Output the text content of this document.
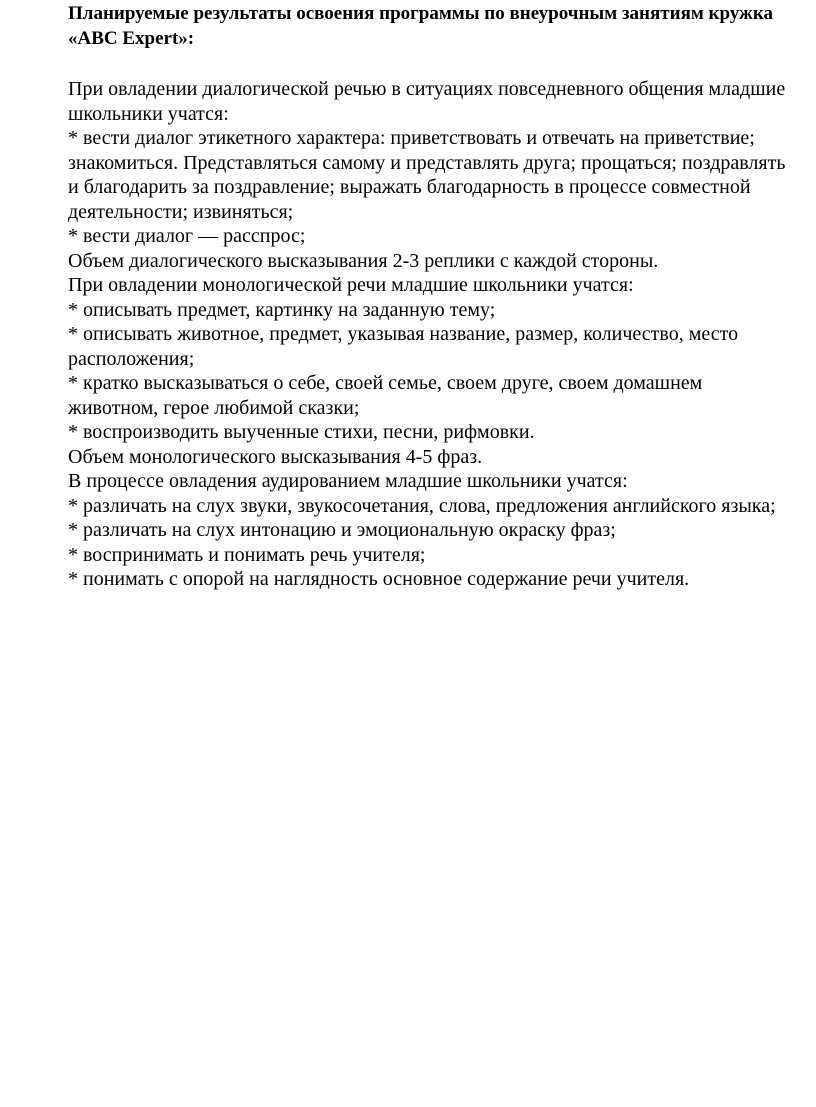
Планируемые результаты освоения программы по внеурочным занятиям кружка «ABC Expert»:

При овладении диалогической речью в ситуациях повседневного общения младшие школьники учатся:

* вести диалог этикетного характера: приветствовать и отвечать на приветствие; знакомиться. Представляться самому и представлять друга; прощаться; поздравлять и благодарить за поздравление; выражать благодарность в процессе совместной деятельности; извиняться;

* вести диалог — расспрос;

Объем диалогического высказывания 2-3 реплики с каждой стороны.

При овладении монологической речи младшие школьники учатся:

* описывать предмет, картинку на заданную тему;

* описывать животное, предмет, указывая название, размер, количество, место расположения;

* кратко высказываться о себе, своей семье, своем друге, своем домашнем животном, герое любимой сказки;

* воспроизводить выученные стихи, песни, рифмовки.

Объем монологического высказывания 4-5 фраз.

В процессе овладения аудированием младшие школьники учатся:

* различать на слух звуки, звукосочетания, слова, предложения английского языка;

* различать на слух интонацию и эмоциональную окраску фраз;

* воспринимать и понимать речь учителя;

* понимать с опорой на наглядность основное содержание речи учителя.
